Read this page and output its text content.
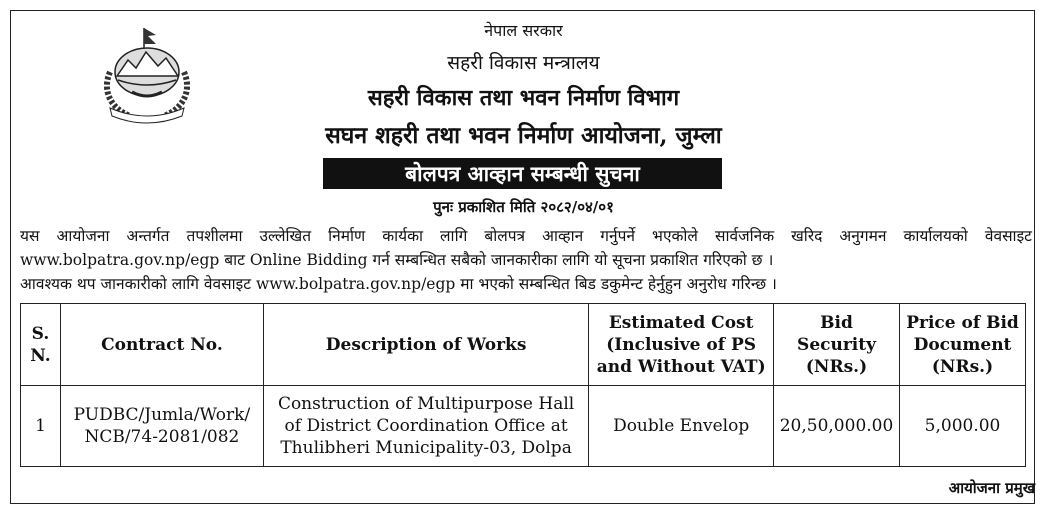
नेपाल सरकार
सहरी विकास मन्त्रालय
सहरी विकास तथा भवन निर्माण विभाग
सघन शहरी तथा भवन निर्माण आयोजना, जुम्ला
बोलपत्र आव्हान सम्बन्धी सुचना
पुनः प्रकाशित मिति २०८२/०४/०१

यस आयोजना अन्तर्गत तपशीलमा उल्लेखित निर्माण कार्यका लागि बोलपत्र आव्हान गर्नुपर्ने भएकोले सार्वजनिक खरिद अनुगमन कार्यालयको वेवसाइट www.bolpatra.gov.np/egp बाट Online Bidding गर्न सम्बन्धित सबैको जानकारीका लागि यो सूचना प्रकाशित गरिएको छ ।

आवश्यक थप जानकारीको लागि वेवसाइट www.bolpatra.gov.np/egp मा भएको सम्बन्धित बिड डकुमेन्ट हेर्नुहुन अनुरोध गरिन्छ ।

S. N.	Contract No.	Description of Works	Estimated Cost (Inclusive of PS and Without VAT)	Bid Security (NRs.)	Price of Bid Document (NRs.)
1	PUDBC/Jumla/Work/ NCB/74-2081/082	Construction of Multipurpose Hall of District Coordination Office at Thulibheri Municipality-03, Dolpa	Double Envelop	20,50,000.00	5,000.00
आयोजना प्रमुख
